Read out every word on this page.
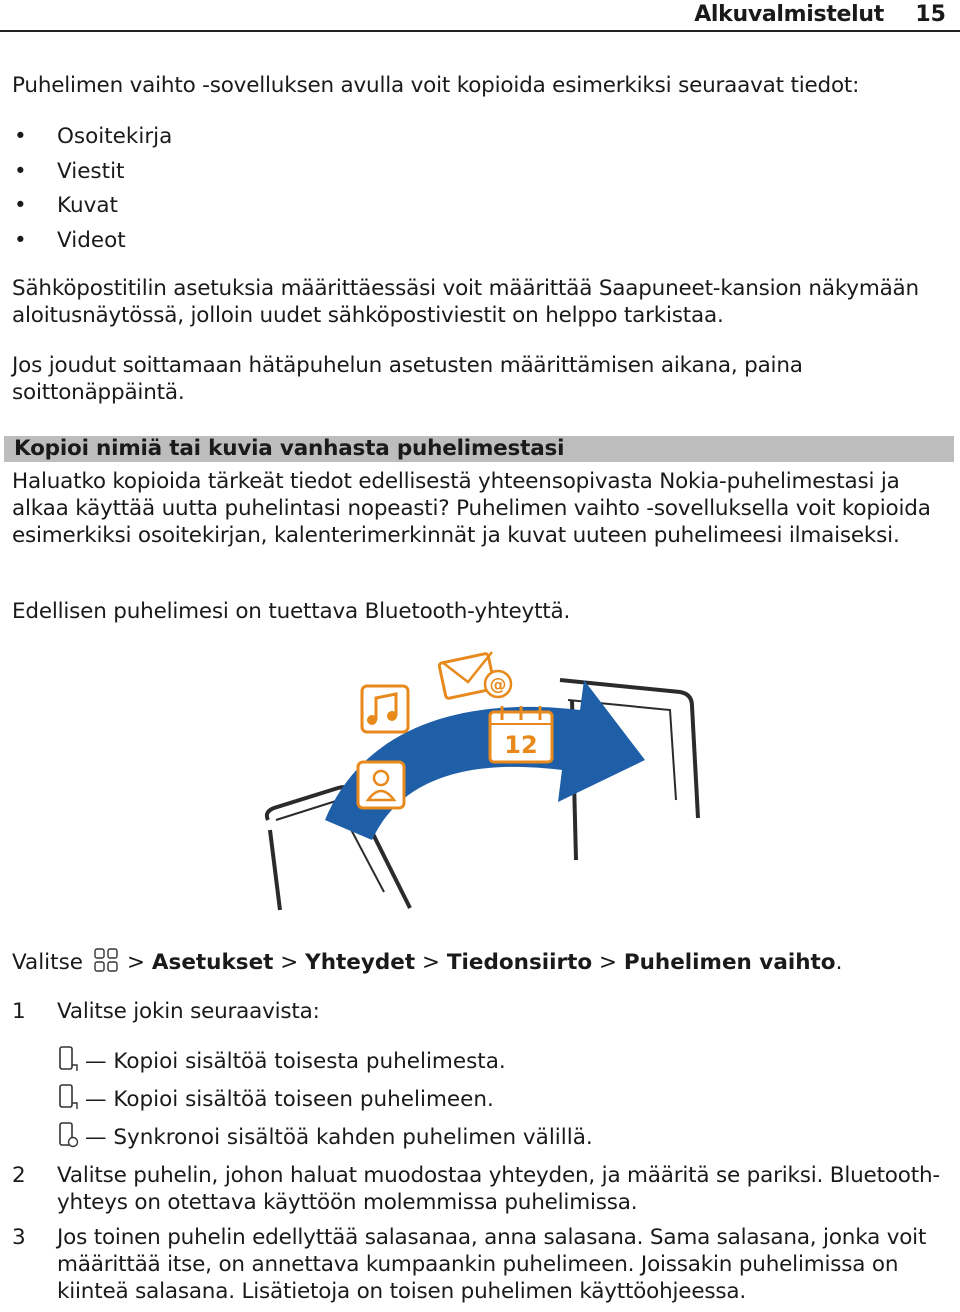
Alkuvalmistelut 15
Puhelimen vaihto -sovelluksen avulla voit kopioida esimerkiksi seuraavat tiedot:
• Osoitekirja
• Viestit
• Kuvat
• Videot
Sähköpostitilin asetuksia määrittäessäsi voit määrittää Saapuneet-kansion näkymään aloitusnäytössä, jolloin uudet sähköpostiviestit on helppo tarkistaa.
Jos joudut soittamaan hätäpuhelun asetusten määrittämisen aikana, paina soittonäppäintä.
Kopioi nimiä tai kuvia vanhasta puhelimestasi
Haluatko kopioida tärkeät tiedot edellisestä yhteensopivasta Nokia-puhelimestasi ja alkaa käyttää uutta puhelintasi nopeasti? Puhelimen vaihto -sovelluksella voit kopioida esimerkiksi osoitekirjan, kalenterimerkinnät ja kuvat uuteen puhelimeesi ilmaiseksi.
Edellisen puhelimesi on tuettava Bluetooth-yhteyttä.
@
12
Valitse > Asetukset > Yhteydet > Tiedonsiirto > Puhelimen vaihto.
1 Valitse jokin seuraavista:
— Kopioi sisältöä toisesta puhelimesta.
— Kopioi sisältöä toiseen puhelimeen.
— Synkronoi sisältöä kahden puhelimen välillä.
2 Valitse puhelin, johon haluat muodostaa yhteyden, ja määritä se pariksi. Bluetooth-yhteys on otettava käyttöön molemmissa puhelimissa.
3 Jos toinen puhelin edellyttää salasanaa, anna salasana. Sama salasana, jonka voit määrittää itse, on annettava kumpaankin puhelimeen. Joissakin puhelimissa on kiinteä salasana. Lisätietoja on toisen puhelimen käyttöohjeessa.
